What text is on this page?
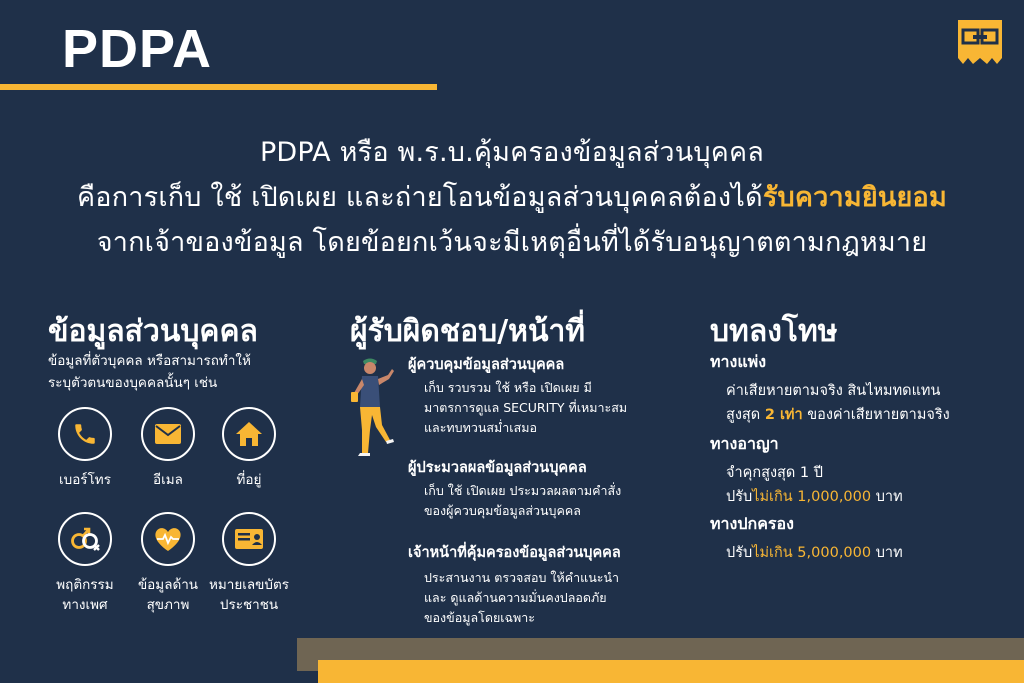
PDPA
PDPA หรือ พ.ร.บ.คุ้มครองข้อมูลส่วนบุคคล
คือการเก็บ ใช้ เปิดเผย และถ่ายโอนข้อมูลส่วนบุคคลต้องได้รับความยินยอม
จากเจ้าของข้อมูล โดยข้อยกเว้นจะมีเหตุอื่นที่ได้รับอนุญาตตามกฎหมาย
ข้อมูลส่วนบุคคล
ข้อมูลที่ตัวบุคคล หรือสามารถทำให้
ระบุตัวตนของบุคคลนั้นๆ เช่น
เบอร์โทร	อีเมล	ที่อยู่
พฤติกรรม
ทางเพศ
ข้อมูลด้าน
สุขภาพ
หมายเลขบัตร
ประชาชน
ผู้รับผิดชอบ/หน้าที่
ผู้ควบคุมข้อมูลส่วนบุคคล
เก็บ รวบรวม ใช้ หรือ เปิดเผย มี
มาตรการดูแล SECURITY ที่เหมาะสม
และทบทวนสม่ำเสมอ
ผู้ประมวลผลข้อมูลส่วนบุคคล
เก็บ ใช้ เปิดเผย ประมวลผลตามคำสั่ง
ของผู้ควบคุมข้อมูลส่วนบุคคล
เจ้าหน้าที่คุ้มครองข้อมูลส่วนบุคคล
ประสานงาน ตรวจสอบ ให้คำแนะนำ
และ ดูแลด้านความมั่นคงปลอดภัย
ของข้อมูลโดยเฉพาะ
บทลงโทษ
ทางแพ่ง
ค่าเสียหายตามจริง สินไหมทดแทน
สูงสุด 2 เท่า ของค่าเสียหายตามจริง
ทางอาญา
จำคุกสูงสุด 1 ปี
ปรับไม่เกิน 1,000,000 บาท
ทางปกครอง
ปรับไม่เกิน 5,000,000 บาท
